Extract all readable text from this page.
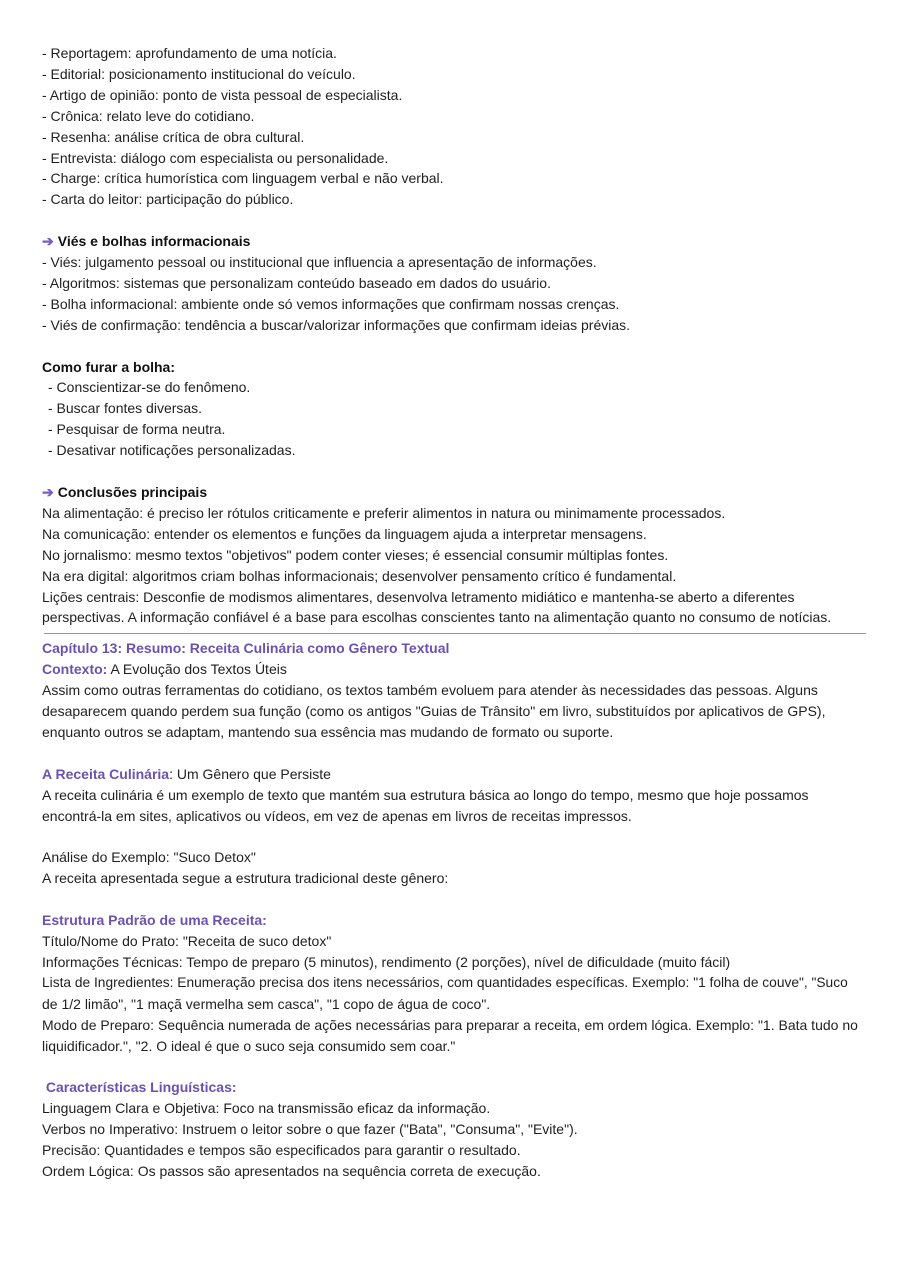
- Reportagem: aprofundamento de uma notícia.
- Editorial: posicionamento institucional do veículo.
- Artigo de opinião: ponto de vista pessoal de especialista.
- Crônica: relato leve do cotidiano.
- Resenha: análise crítica de obra cultural.
- Entrevista: diálogo com especialista ou personalidade.
- Charge: crítica humorística com linguagem verbal e não verbal.
- Carta do leitor: participação do público.
➔ Viés e bolhas informacionais
- Viés: julgamento pessoal ou institucional que influencia a apresentação de informações.
- Algoritmos: sistemas que personalizam conteúdo baseado em dados do usuário.
- Bolha informacional: ambiente onde só vemos informações que confirmam nossas crenças.
- Viés de confirmação: tendência a buscar/valorizar informações que confirmam ideias prévias.
Como furar a bolha:
- Conscientizar-se do fenômeno.
- Buscar fontes diversas.
- Pesquisar de forma neutra.
- Desativar notificações personalizadas.
➔ Conclusões principais
Na alimentação: é preciso ler rótulos criticamente e preferir alimentos in natura ou minimamente processados.
Na comunicação: entender os elementos e funções da linguagem ajuda a interpretar mensagens.
No jornalismo: mesmo textos "objetivos" podem conter vieses; é essencial consumir múltiplas fontes.
Na era digital: algoritmos criam bolhas informacionais; desenvolver pensamento crítico é fundamental.
Lições centrais: Desconfie de modismos alimentares, desenvolva letramento midiático e mantenha-se aberto a diferentes
perspectivas. A informação confiável é a base para escolhas conscientes tanto na alimentação quanto no consumo de notícias.
Capítulo 13: Resumo: Receita Culinária como Gênero Textual
Contexto: A Evolução dos Textos Úteis
Assim como outras ferramentas do cotidiano, os textos também evoluem para atender às necessidades das pessoas. Alguns
desaparecem quando perdem sua função (como os antigos "Guias de Trânsito" em livro, substituídos por aplicativos de GPS),
enquanto outros se adaptam, mantendo sua essência mas mudando de formato ou suporte.
A Receita Culinária: Um Gênero que Persiste
A receita culinária é um exemplo de texto que mantém sua estrutura básica ao longo do tempo, mesmo que hoje possamos
encontrá-la em sites, aplicativos ou vídeos, em vez de apenas em livros de receitas impressos.
Análise do Exemplo: "Suco Detox"
A receita apresentada segue a estrutura tradicional deste gênero:
Estrutura Padrão de uma Receita:
Título/Nome do Prato: "Receita de suco detox"
Informações Técnicas: Tempo de preparo (5 minutos), rendimento (2 porções), nível de dificuldade (muito fácil)
Lista de Ingredientes: Enumeração precisa dos itens necessários, com quantidades específicas. Exemplo: "1 folha de couve", "Suco
de 1/2 limão", "1 maçã vermelha sem casca", "1 copo de água de coco".
Modo de Preparo: Sequência numerada de ações necessárias para preparar a receita, em ordem lógica. Exemplo: "1. Bata tudo no
liquidificador.", "2. O ideal é que o suco seja consumido sem coar."
Características Linguísticas:
Linguagem Clara e Objetiva: Foco na transmissão eficaz da informação.
Verbos no Imperativo: Instruem o leitor sobre o que fazer ("Bata", "Consuma", "Evite").
Precisão: Quantidades e tempos são especificados para garantir o resultado.
Ordem Lógica: Os passos são apresentados na sequência correta de execução.
